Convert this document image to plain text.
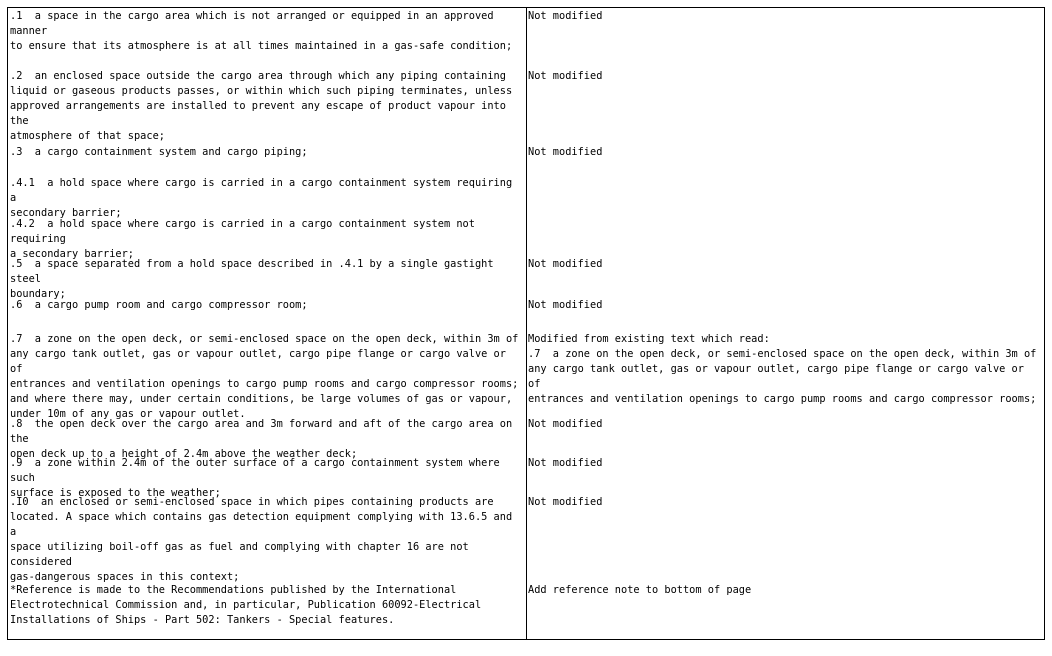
.1  a space in the cargo area which is not arranged or equipped in an approved manner
to ensure that its atmosphere is at all times maintained in a gas-safe condition;
Not modified
.2  an enclosed space outside the cargo area through which any piping containing
liquid or gaseous products passes, or within which such piping terminates, unless
approved arrangements are installed to prevent any escape of product vapour into the
atmosphere of that space;
Not modified
.3  a cargo containment system and cargo piping;	Not modified
.4.1  a hold space where cargo is carried in a cargo containment system requiring a
secondary barrier;
.4.2  a hold space where cargo is carried in a cargo containment system not requiring
a secondary barrier;
.5  a space separated from a hold space described in .4.1 by a single gastight steel
boundary;
Not modified
.6  a cargo pump room and cargo compressor room;	Not modified
.7  a zone on the open deck, or semi-enclosed space on the open deck, within 3m of
any cargo tank outlet, gas or vapour outlet, cargo pipe flange or cargo valve or of
entrances and ventilation openings to cargo pump rooms and cargo compressor rooms;
and where there may, under certain conditions, be large volumes of gas or vapour,
under 10m of any gas or vapour outlet.
Modified from existing text which read:
.7  a zone on the open deck, or semi-enclosed space on the open deck, within 3m of
any cargo tank outlet, gas or vapour outlet, cargo pipe flange or cargo valve or of
entrances and ventilation openings to cargo pump rooms and cargo compressor rooms;
.8  the open deck over the cargo area and 3m forward and aft of the cargo area on the
open deck up to a height of 2.4m above the weather deck;
Not modified
.9  a zone within 2.4m of the outer surface of a cargo containment system where such
surface is exposed to the weather;
Not modified
.I0  an enclosed or semi-enclosed space in which pipes containing products are
located. A space which contains gas detection equipment complying with 13.6.5 and a
space utilizing boil-off gas as fuel and complying with chapter 16 are not considered
gas-dangerous spaces in this context;
Not modified
*Reference is made to the Recommendations published by the International
Electrotechnical Commission and, in particular, Publication 60092-Electrical
Installations of Ships - Part 502: Tankers - Special features.
Add reference note to bottom of page
